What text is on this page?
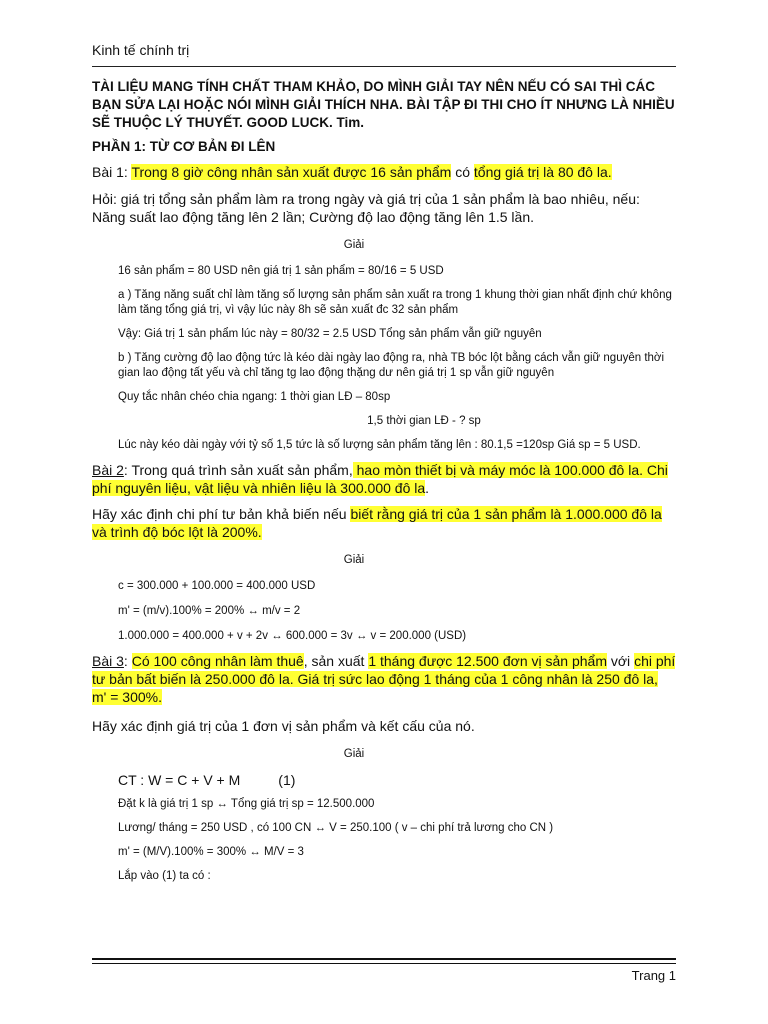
Kinh tế chính trị

TÀI LIỆU MANG TÍNH CHẤT THAM KHẢO, DO MÌNH GIẢI TAY NÊN NẾU CÓ SAI THÌ CÁC BẠN SỬA LẠI HOẶC NÓI MÌNH GIẢI THÍCH NHA. BÀI TẬP ĐI THI CHO ÍT NHƯNG LÀ NHIỀU SẼ THUỘC LÝ THUYẾT. GOOD LUCK. Tim.

PHẦN 1: TỪ CƠ BẢN ĐI LÊN

Bài 1: Trong 8 giờ công nhân sản xuất được 16 sản phẩm có tổng giá trị là 80 đô la.

Hỏi: giá trị tổng sản phẩm làm ra trong ngày và giá trị của 1 sản phẩm là bao nhiêu, nếu: Năng suất lao động tăng lên 2 lần; Cường độ lao động tăng lên 1.5 lần.

Giải

16 sản phẩm = 80 USD nên giá trị 1 sản phẩm = 80/16 = 5 USD

a ) Tăng năng suất chỉ làm tăng số lượng sản phẩm sản xuất ra trong 1 khung thời gian nhất định chứ không làm tăng tổng giá trị, vì vậy lúc này 8h sẽ sản xuất đc 32 sản phẩm

Vậy: Giá trị 1 sản phẩm lúc này = 80/32 = 2.5 USD Tổng sản phẩm vẫn giữ nguyên

b ) Tăng cường độ lao động tức là kéo dài ngày lao động ra, nhà TB bóc lột bằng cách vẫn giữ nguyên thời gian lao động tất yếu và chỉ tăng tg lao động thặng dư nên giá trị 1 sp vẫn giữ nguyên

Quy tắc nhân chéo chia ngang: 1 thời gian LĐ – 80sp

1,5 thời gian LĐ - ? sp

Lúc này kéo dài ngày với tỷ số 1,5 tức là số lượng sản phẩm tăng lên : 80.1,5 =120sp Giá sp = 5 USD.

Bài 2: Trong quá trình sản xuất sản phẩm, hao mòn thiết bị và máy móc là 100.000 đô la. Chi phí nguyên liệu, vật liệu và nhiên liệu là 300.000 đô la.

Hãy xác định chi phí tư bản khả biến nếu biết rằng giá trị của 1 sản phẩm là 1.000.000 đô la và trình độ bóc lột là 200%.

Giải

c = 300.000 + 100.000 = 400.000 USD

m' = (m/v).100% = 200% ↔ m/v = 2

1.000.000 = 400.000 + v + 2v ↔ 600.000 = 3v ↔ v = 200.000 (USD)

Bài 3: Có 100 công nhân làm thuê, sản xuất 1 tháng được 12.500 đơn vị sản phẩm với chi phí tư bản bất biến là 250.000 đô la. Giá trị sức lao động 1 tháng của 1 công nhân là 250 đô la, m' = 300%.

Hãy xác định giá trị của 1 đơn vị sản phẩm và kết cấu của nó.

Giải

CT : W = C + V + M	(1)

Đặt k là giá trị 1 sp ↔ Tổng giá trị sp = 12.500.000

Lương/ tháng = 250 USD , có 100 CN ↔ V = 250.100 ( v – chi phí trả lương cho CN )

m' = (M/V).100% = 300% ↔ M/V = 3

Lắp vào (1) ta có :

Trang 1
